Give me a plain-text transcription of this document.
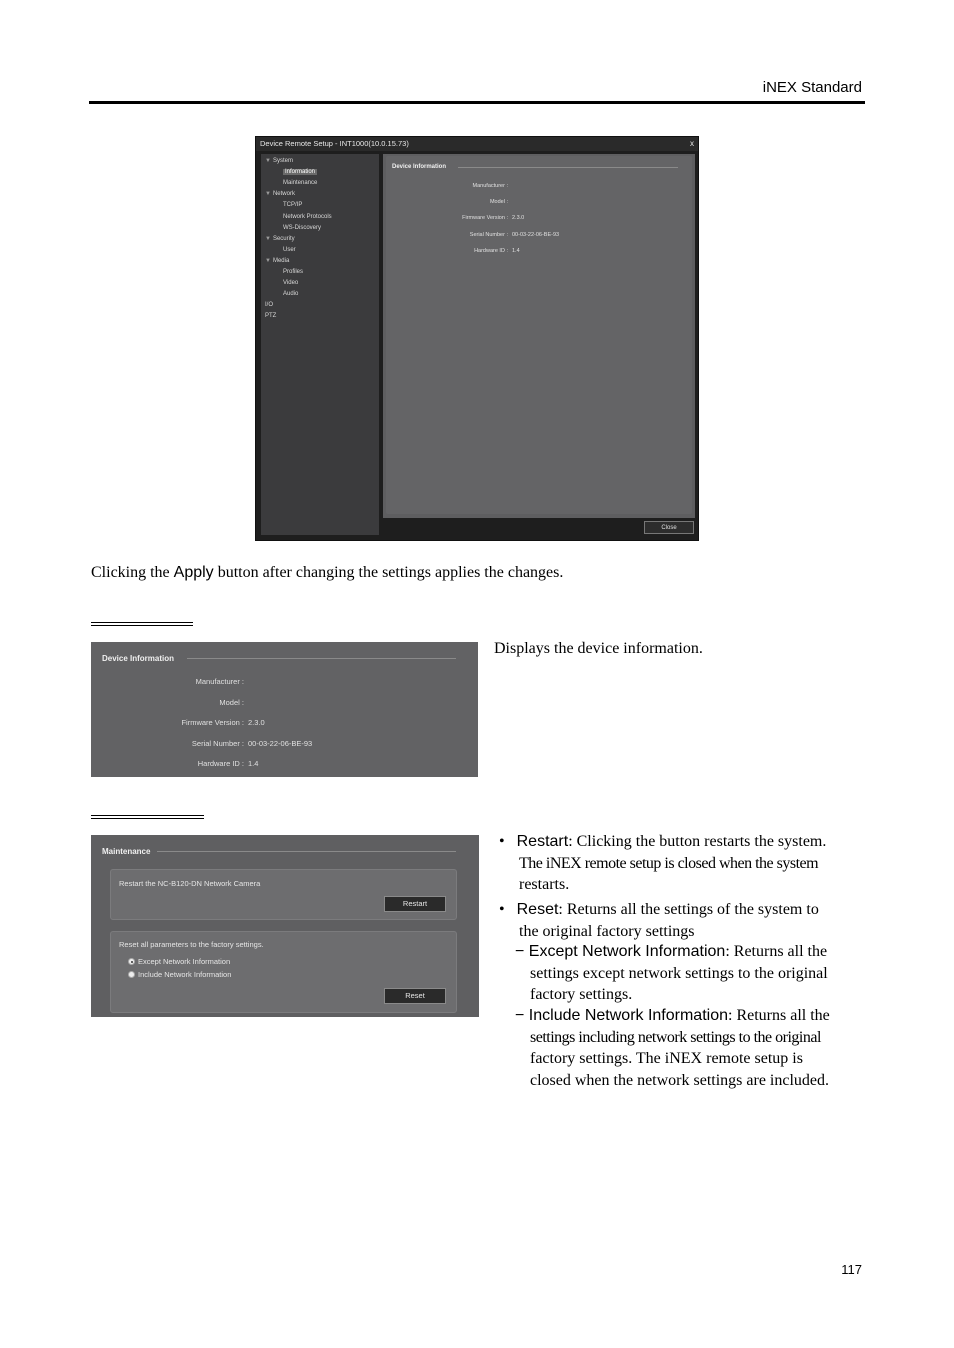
iNEX Standard
Device Remote Setup - INT1000(10.0.15.73)	x
▼ System
Information
Maintenance
▼ Network
TCP/IP
Network Protocols
WS-Discovery
▼ Security
User
▼ Media
Profiles
Video
Audio
I/O
PTZ
Device Information
Manufacturer :
Model :
Firmware Version : 2.3.0
Serial Number : 00-03-22-06-BE-93
Hardware ID : 1.4
Close
Clicking the Apply button after changing the settings applies the changes.
Device Information
Manufacturer :
Model :
Firmware Version : 2.3.0
Serial Number : 00-03-22-06-BE-93
Hardware ID : 1.4
Displays the device information.
Maintenance
Restart the NC-B120-DN Network Camera
Restart
Reset all parameters to the factory settings.
Except Network Information
Include Network Information
Reset
• Restart: Clicking the button restarts the system.
The iNEX remote setup is closed when the system
restarts.
• Reset: Returns all the settings of the system to
the original factory settings
− Except Network Information: Returns all the
settings except network settings to the original
factory settings.
− Include Network Information: Returns all the
settings including network settings to the original
factory settings. The iNEX remote setup is
closed when the network settings are included.
117
